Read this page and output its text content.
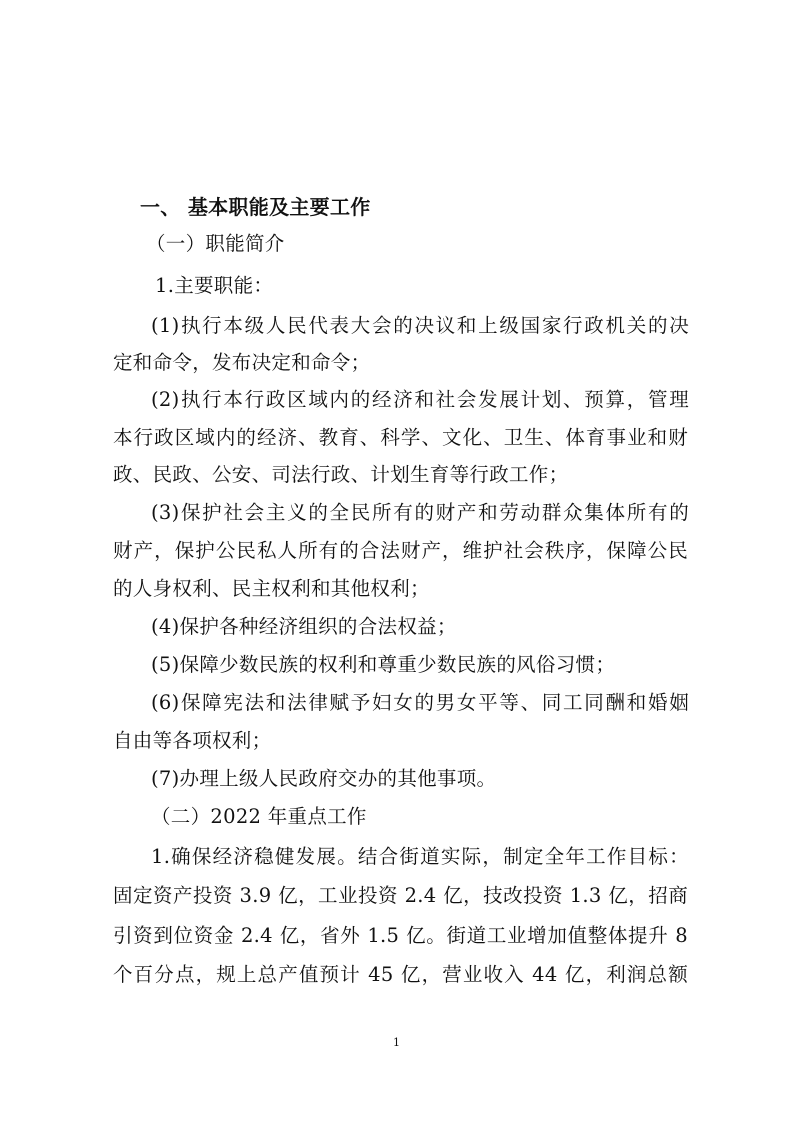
一、 基本职能及主要工作
（一）职能简介
1.主要职能：
(1)执行本级人民代表大会的决议和上级国家行政机关的决
定和命令，发布决定和命令；
(2)执行本行政区域内的经济和社会发展计划、预算，管理
本行政区域内的经济、教育、科学、文化、卫生、体育事业和财
政、民政、公安、司法行政、计划生育等行政工作；
(3)保护社会主义的全民所有的财产和劳动群众集体所有的
财产，保护公民私人所有的合法财产，维护社会秩序，保障公民
的人身权利、民主权利和其他权利；
(4)保护各种经济组织的合法权益；
(5)保障少数民族的权利和尊重少数民族的风俗习惯；
(6)保障宪法和法律赋予妇女的男女平等、同工同酬和婚姻
自由等各项权利；
(7)办理上级人民政府交办的其他事项。
（二）2022 年重点工作
1.确保经济稳健发展。结合街道实际，制定全年工作目标：
固定资产投资 3.9 亿，工业投资 2.4 亿，技改投资 1.3 亿，招商
引资到位资金 2.4 亿，省外 1.5 亿。街道工业增加值整体提升 8
个百分点，规上总产值预计 45 亿，营业收入 44 亿，利润总额
1
